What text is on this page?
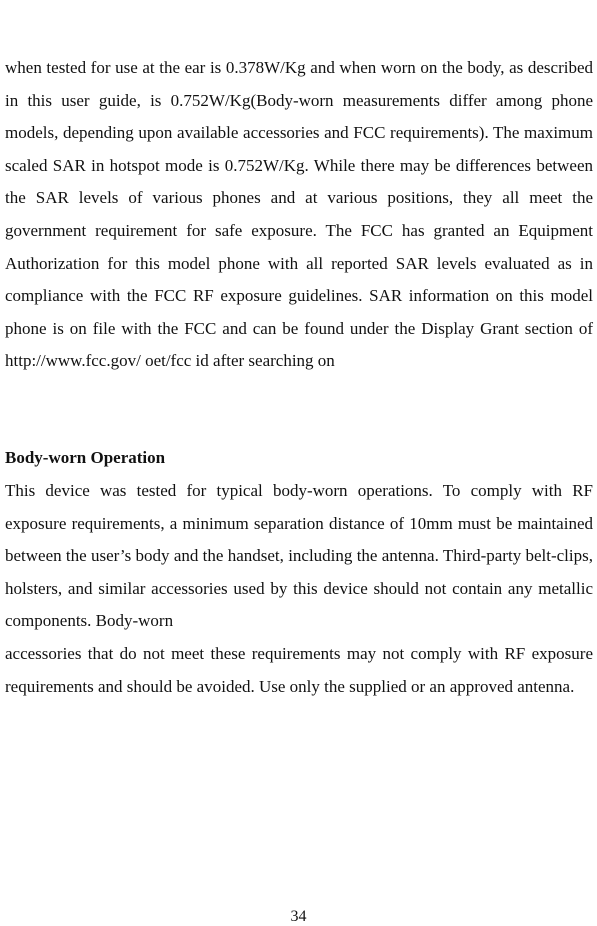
when tested for use at the ear is 0.378W/Kg and when worn on the body, as described in this user guide, is 0.752W/Kg(Body‐worn measurements differ among phone models, depending upon available accessories and FCC requirements). The maximum scaled SAR in hotspot mode is 0.752W/Kg. While there may be differences between the SAR levels of various phones and at various positions, they all meet the government requirement for safe exposure. The FCC has granted an Equipment Authorization for this model phone with all reported SAR levels evaluated as in compliance with the FCC RF exposure guidelines. SAR information on this model phone is on file with the FCC and can be found under the Display Grant section of http://www.fcc.gov/ oet/fcc id after searching on

Body‐worn Operation

This device was tested for typical body‐worn operations. To comply with RF exposure requirements, a minimum separation distance of 10mm must be maintained between the user’s body and the handset, including the antenna. Third‐party belt‐clips, holsters, and similar accessories used by this device should not contain any metallic components. Body‐worn

accessories that do not meet these requirements may not comply with RF exposure requirements and should be avoided. Use only the supplied or an approved antenna.

34
